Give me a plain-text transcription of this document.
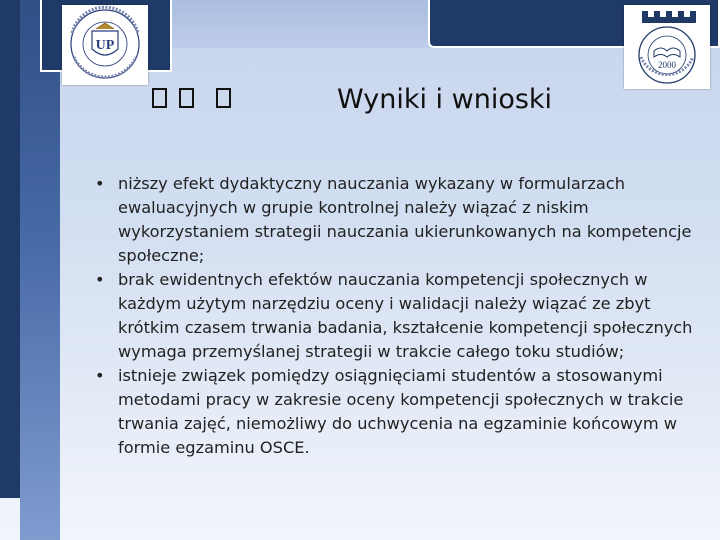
UP
2000
Wyniki i wnioski
• niższy efekt dydaktyczny nauczania wykazany w formularzach ewaluacyjnych w grupie kontrolnej należy wiązać z niskim wykorzystaniem strategii nauczania ukierunkowanych na kompetencje społeczne;
• brak ewidentnych efektów nauczania kompetencji społecznych w każdym użytym narzędziu oceny i walidacji należy wiązać ze zbyt krótkim czasem trwania badania, kształcenie kompetencji społecznych wymaga przemyślanej strategii w trakcie całego toku studiów;
• istnieje związek pomiędzy osiągnięciami studentów a stosowanymi metodami pracy w zakresie oceny kompetencji społecznych w trakcie trwania zajęć, niemożliwy do uchwycenia na egzaminie końcowym w formie egzaminu OSCE.
